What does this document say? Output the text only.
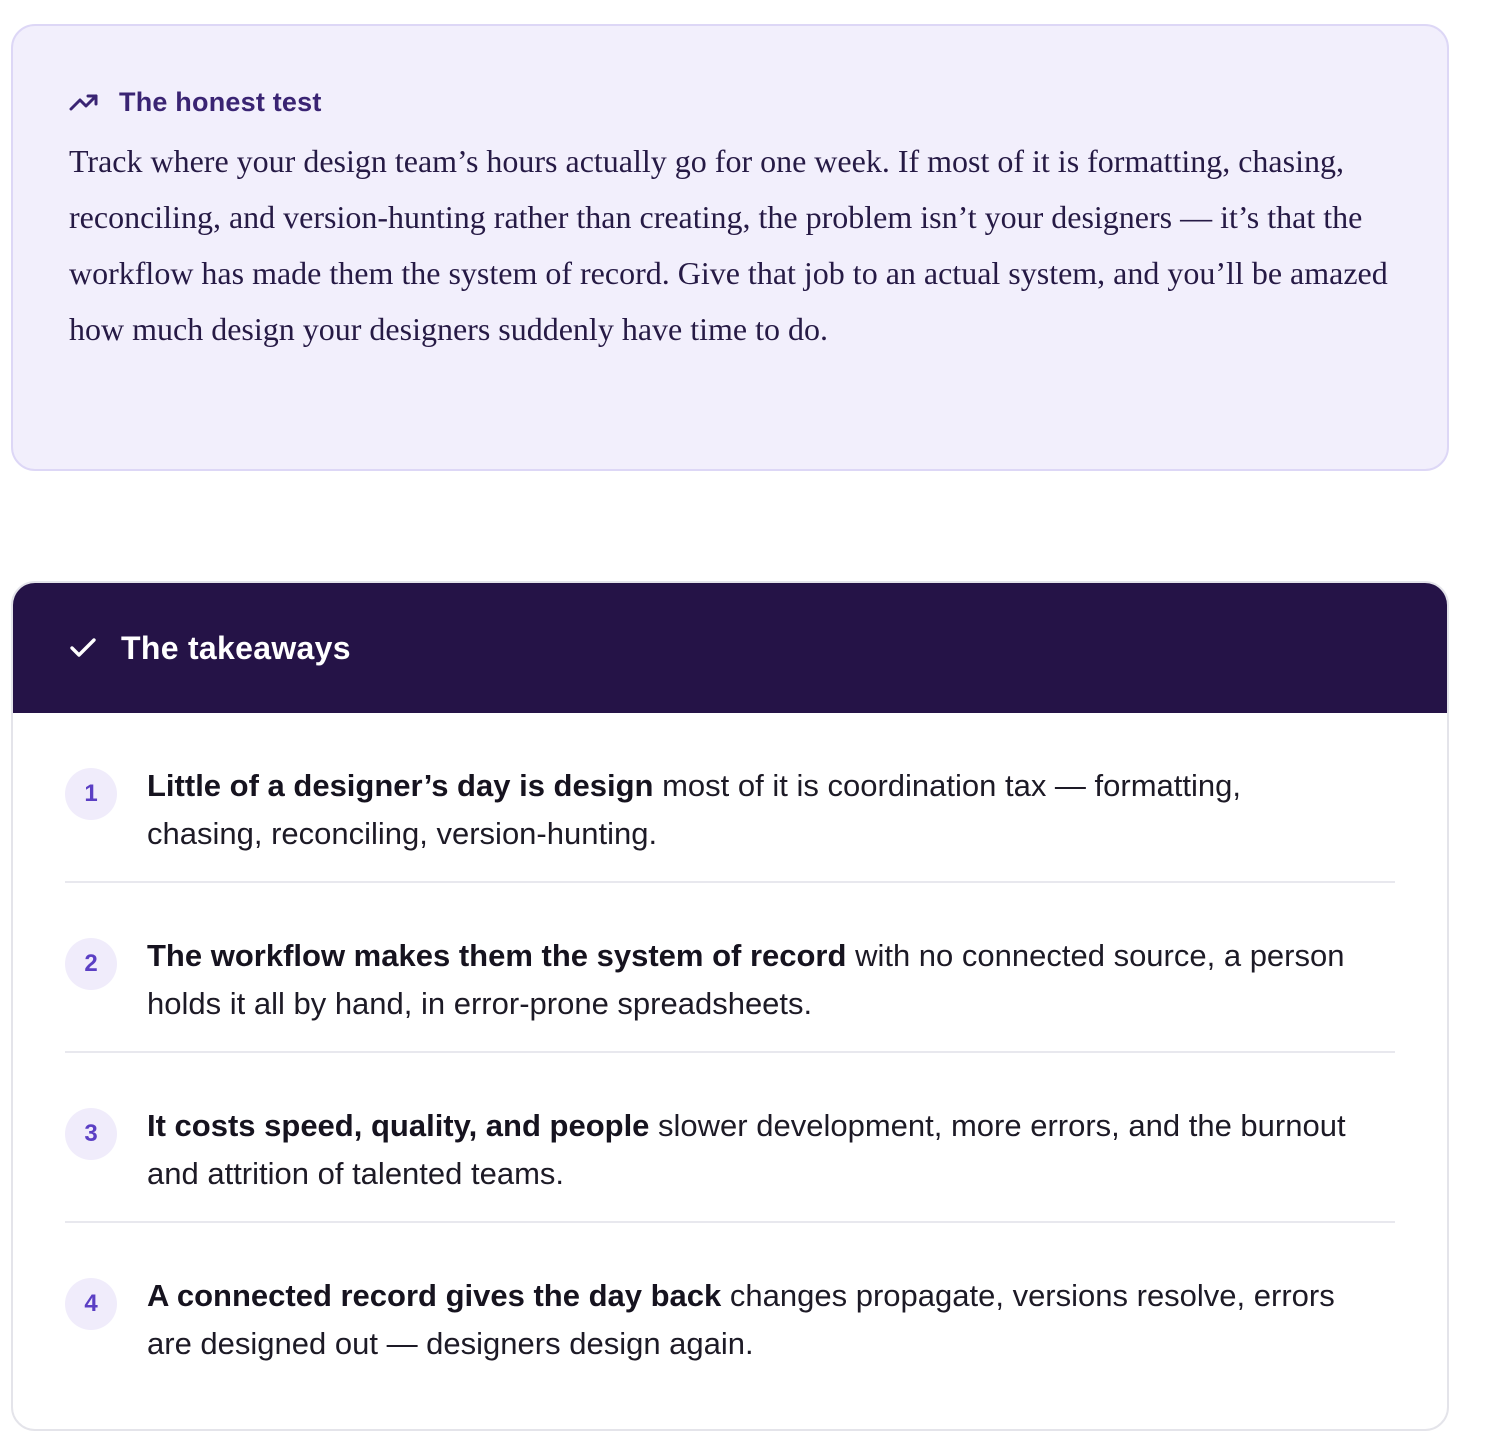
The honest test

Track where your design team’s hours actually go for one week. If most of it is formatting, chasing, reconciling, and version-hunting rather than creating, the problem isn’t your designers — it’s that the workflow has made them the system of record. Give that job to an actual system, and you’ll be amazed how much design your designers suddenly have time to do.

The takeaways
1	Little of a designer’s day is design most of it is coordination tax — formatting, chasing, reconciling, version-hunting.

2	The workflow makes them the system of record with no connected source, a person holds it all by hand, in error-prone spreadsheets.

3	It costs speed, quality, and people slower development, more errors, and the burnout and attrition of talented teams.

4	A connected record gives the day back changes propagate, versions resolve, errors are designed out — designers design again.
